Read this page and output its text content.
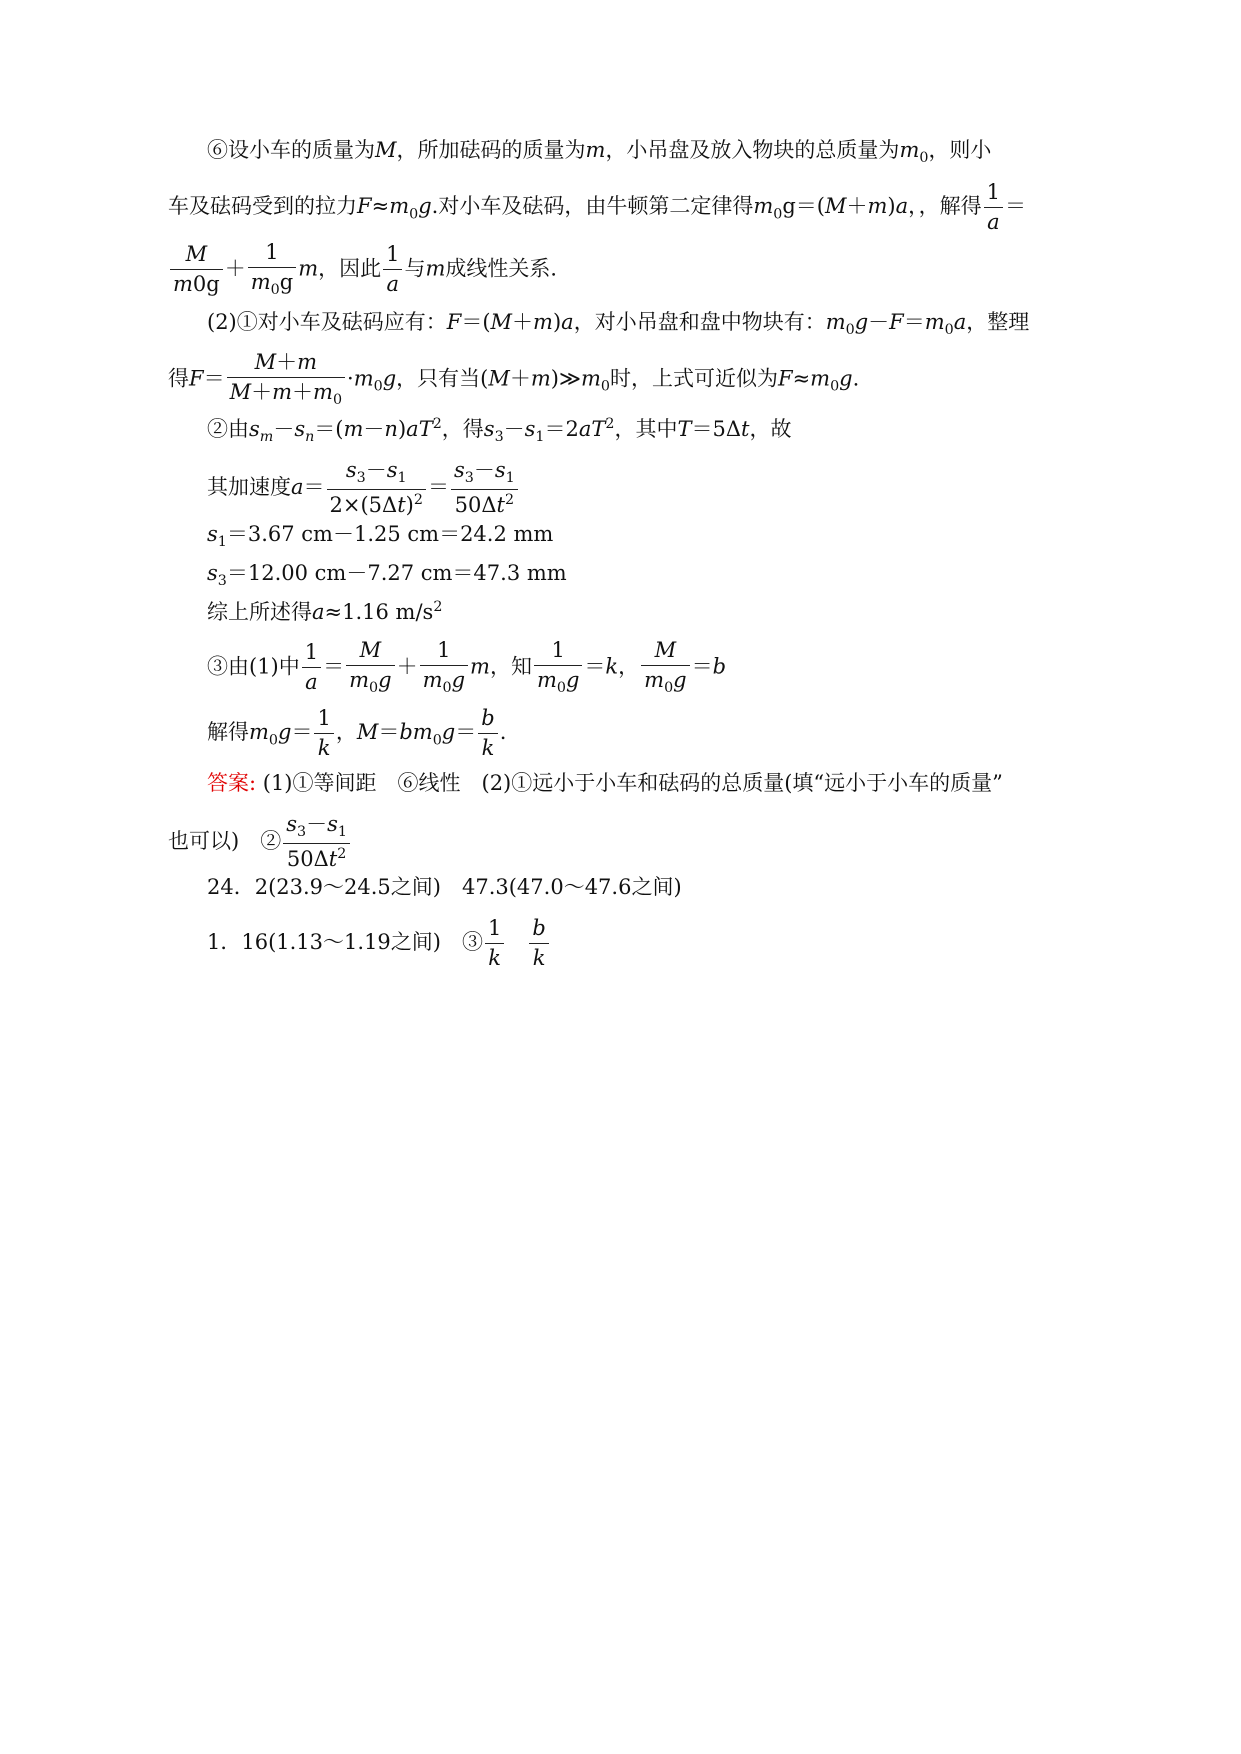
⑥设小车的质量为M，所加砝码的质量为m，小吊盘及放入物块的总质量为$m_0$，则小
车及砝码受到的拉力$F\approx m_0g$.对小车及砝码，由牛顿第二定律得$m_0g=(M+m)a$，，解得 $\frac{1}{a}$ ＝
$\frac{M}{m0g} + \frac{1}{m_0g}$ m，因此 $\frac{1}{a}$ 与m成线性关系．
(2)①对小车及砝码应有：F＝(M＋m)a，对小吊盘和盘中物块有：$m_0g-F=m_0a$，整理
得$F= \frac{M+m}{M+m+m_0} \cdot m_0g$，只有当$(M+m)≫m_0$时，上式可近似为$F\approx m_0g$.
②由$s_m-s_n=(m-n)aT^2$，得$s_3-s_1=2aT^2$，其中T＝5Δt，故
其加速度$a= \frac{s_3-s_1}{2\times(5\Delta t)^2} = \frac{s_3-s_1}{50\Delta t^2}$
$s_1=3.67$ cm－1.25 cm＝24.2 mm
$s_3=12.00$ cm－7.27 cm＝47.3 mm
综上所述得a≈1.16 $m/s^2$
③由(1)中 $\frac{1}{a} = \frac{M}{m_0g} + \frac{1}{m_0g}$ m，知 $\frac{1}{m_0g} =k$， $\frac{M}{m_0g} =b$
解得$m_0g= \frac{1}{k}$ ，$M=bm_0g= \frac{b}{k}$ .
答案: (1)①等间距　⑥线性　(2)①远小于小车和砝码的总质量(填“远小于小车的质量”
也可以)　② $\frac{s_3-s_1}{50\Delta t^2}$
24．2(23.9～24.5之间)　47.3(47.0～47.6之间)
1．16(1.13～1.19之间)　③ $\frac{1}{k}$
　 $\frac{b}{k}$
